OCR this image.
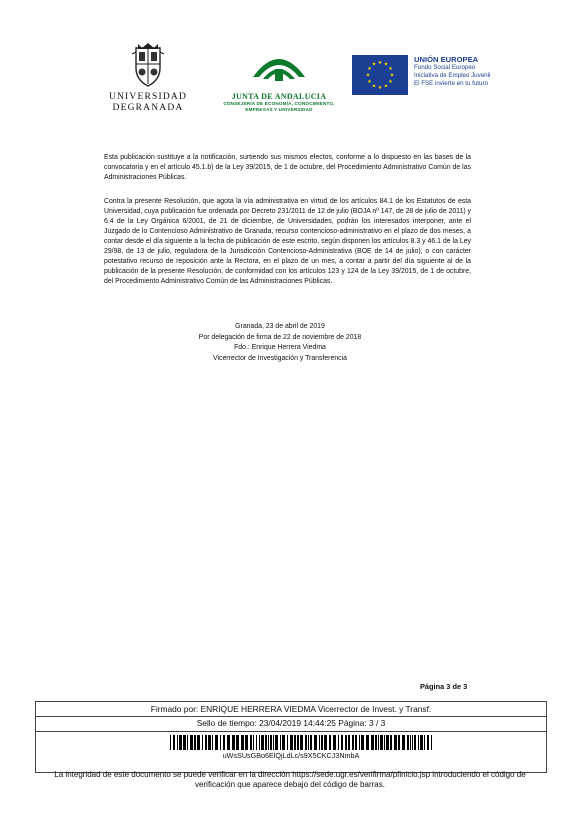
UNIVERSIDAD
DEGRANADA
JUNTA DE ANDALUCIA
CONSEJERÍA DE ECONOMÍA, CONOCIMIENTO,
EMPRESAS Y UNIVERSIDAD
★ ★
★
★
★
★
★
★
★
★
★
★
UNIÓN EUROPEA
Fondo Social Europeo
Iniciativa de Empleo Juvenil
El FSE invierte en tu futuro
Esta publicación sustituye a la notificación, surtiendo sus mismos efectos, conforme a lo dispuesto en las bases de la convocatoria y en el artículo 45.1.b) de la Ley 39/2015, de 1 de octubre, del Procedimiento Administrativo Común de las Administraciones Públicas.
Contra la presente Resolución, que agota la vía administrativa en virtud de los artículos 84.1 de los Estatutos de esta Universidad, cuya publicación fue ordenada por Decreto 231/2011 de 12 de julio (BOJA nº 147, de 28 de julio de 2011) y 6.4 de la Ley Orgánica 6/2001, de 21 de diciembre, de Universidades, podrán los interesados interponer, ante el Juzgado de lo Contencioso Administrativo de Granada, recurso contencioso-administrativo en el plazo de dos meses, a contar desde el día siguiente a la fecha de publicación de este escrito, según disponen los artículos 8.3 y 46.1 de la Ley 29/98, de 13 de julio, reguladora de la Jurisdicción Contencioso-Administrativa (BOE de 14 de julio); o con carácter potestativo recurso de reposición ante la Rectora, en el plazo de un mes, a contar a partir del día siguiente al de la publicación de la presente Resolución, de conformidad con los artículos 123 y 124 de la Ley 39/2015, de 1 de octubre, del Procedimiento Administrativo Común de las Administraciones Públicas.
Granada, 23 de abril de 2019
Por delegación de firma de 22 de noviembre de 2018
Fdo.: Enrique Herrera Viedma
Vicerrector de Investigación y Transferencia
Página 3 de 3
Firmado por: ENRIQUE HERRERA VIEDMA Vicerrector de Invest. y Transf.
Sello de tiempo: 23/04/2019 14:44:25 Página: 3 / 3
uWsSUsGBo6ElQjLdLc/s9X5CKCJ3NmbA
La integridad de este documento se puede verificar en la dirección https://sede.ugr.es/verifirma/pfinicio.jsp introduciendo el código de verificación que aparece debajo del código de barras.
